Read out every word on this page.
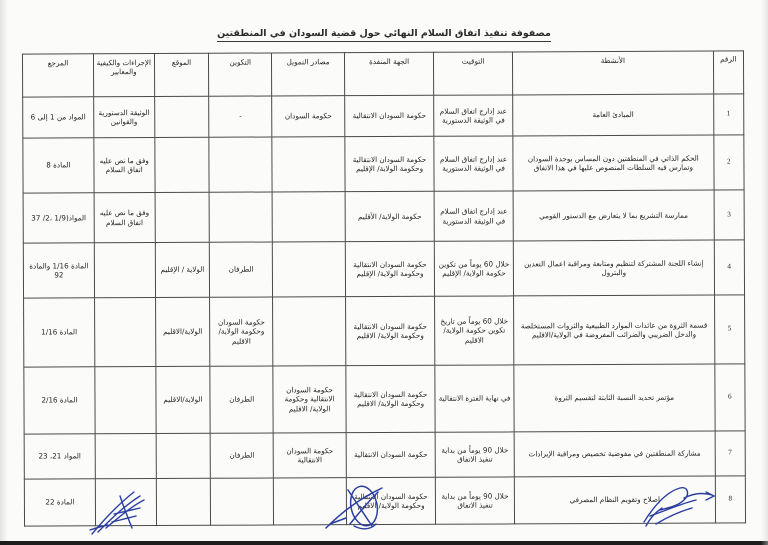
مصفوفة تنفيذ اتفاق السلام النهائي حول قضية السودان في المنطقتين
الرقم	الأنشطة	التوقيت	الجهة المنفذة	مصادر التمويل	التكوين	الموقع	الإجراءات والكيفية والمعايير	المرجع
1	المبادئ العامة	عند إدارج اتفاق السلام في الوثيقة الدستورية	حكومة السودان الانتقالية	حكومة السودان	-		الوثيقة الدستورية والقوانين	المواد من 1 إلى 6
2	الحكم الذاتي في المنطقتين دون المساس بوحدة السودان وتمارس فيه السلطات المنصوص عليها في هذا الاتفاق	عند إدارج اتفاق السلام في الوثيقة الدستورية	حكومة السودان الانتقالية وحكومة الولاية/ الإقليم				وفق ما نص عليه اتفاق السلام	المادة 8
3	ممارسة التشريع بما لا يتعارض مع الدستور القومي	عند إدارج اتفاق السلام في الوثيقة الدستورية	حكومة الولاية/ الأقليم				وفق ما نص عليه اتفاق السلام	المواد(1/9 ،2/ 37
4	إنشاء اللجنة المشتركة لتنظيم ومتابعة ومراقبة اعمال التعدين والبترول	خلال 60 يوماً من تكوين حكومة الولاية/ الإقليم	حكومة السودان الانتقالية وحكومة الولاية/ الإقليم		الطرفان	الولاية / الإقليم		المادة 1/16 والمادة 92
5	قسمة الثروة من عائدات الموارد الطبيعية والثروات المستخلصة والدخل الضريبي والضرائب المفروضة في الولاية/الاقليم	خلال 60 يوماً من تاريخ تكوين حكومة الولاية/ الاقليم	حكومة السودان الانتقالية وحكومة الولاية/ الاقليم		حكومة السودان وحكومة الولاية/ الاقليم	الولاية/الاقليم		المادة 1/16
6	مؤتمر تحديد النسبة الثابتة لتقسيم الثروة	في نهاية الفترة الانتقالية	حكومة السودان الانتقالية وحكومة الولاية/ الاقليم	حكومة السودان الانتقالية وحكومة الولاية/ الاقليم	الطرفان	الولاية/الاقليم		المادة 2/16
7	مشاركة المنطقتين في مفوضية تخصيص ومراقبة الإيرادات	خلال 90 يوماً من بداية تنفيذ الاتفاق	حكومة السودان الانتقالية	حكومة السودان الانتقالية	الطرفان			المواد 21، 23
8	إصلاح وتقويم النظام المصرفي	خلال 90 يوماً من بداية تنفيذ الاتفاق	حكومة السودان الانتقالية وحكومة الولاية/ الاقليم					المادة 22
